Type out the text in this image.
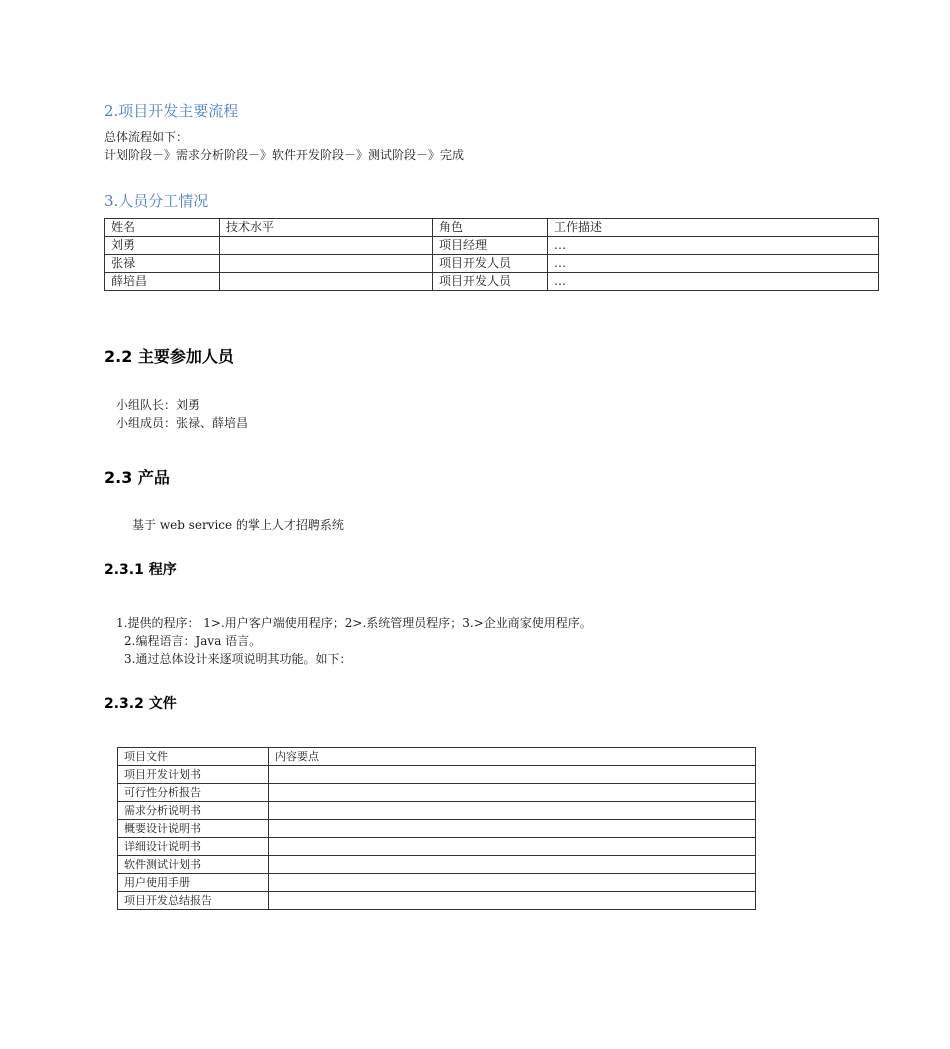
2.项目开发主要流程
总体流程如下：
计划阶段－》需求分析阶段－》软件开发阶段－》测试阶段－》完成
3.人员分工情况
姓名	技术水平	角色	工作描述
刘勇		项目经理	…
张禄		项目开发人员	…
薛培昌		项目开发人员	…
2.2 主要参加人员
小组队长：刘勇
小组成员：张禄、薛培昌
2.3 产品
基于 web service 的掌上人才招聘系统
2.3.1 程序
1.提供的程序： 1>.用户客户端使用程序；2>.系统管理员程序；3.>企业商家使用程序。
2.编程语言：Java 语言。
3.通过总体设计来逐项说明其功能。如下：
2.3.2 文件
项目文件	内容要点
项目开发计划书	
可行性分析报告	
需求分析说明书	
概要设计说明书	
详细设计说明书	
软件测试计划书	
用户使用手册	
项目开发总结报告	
